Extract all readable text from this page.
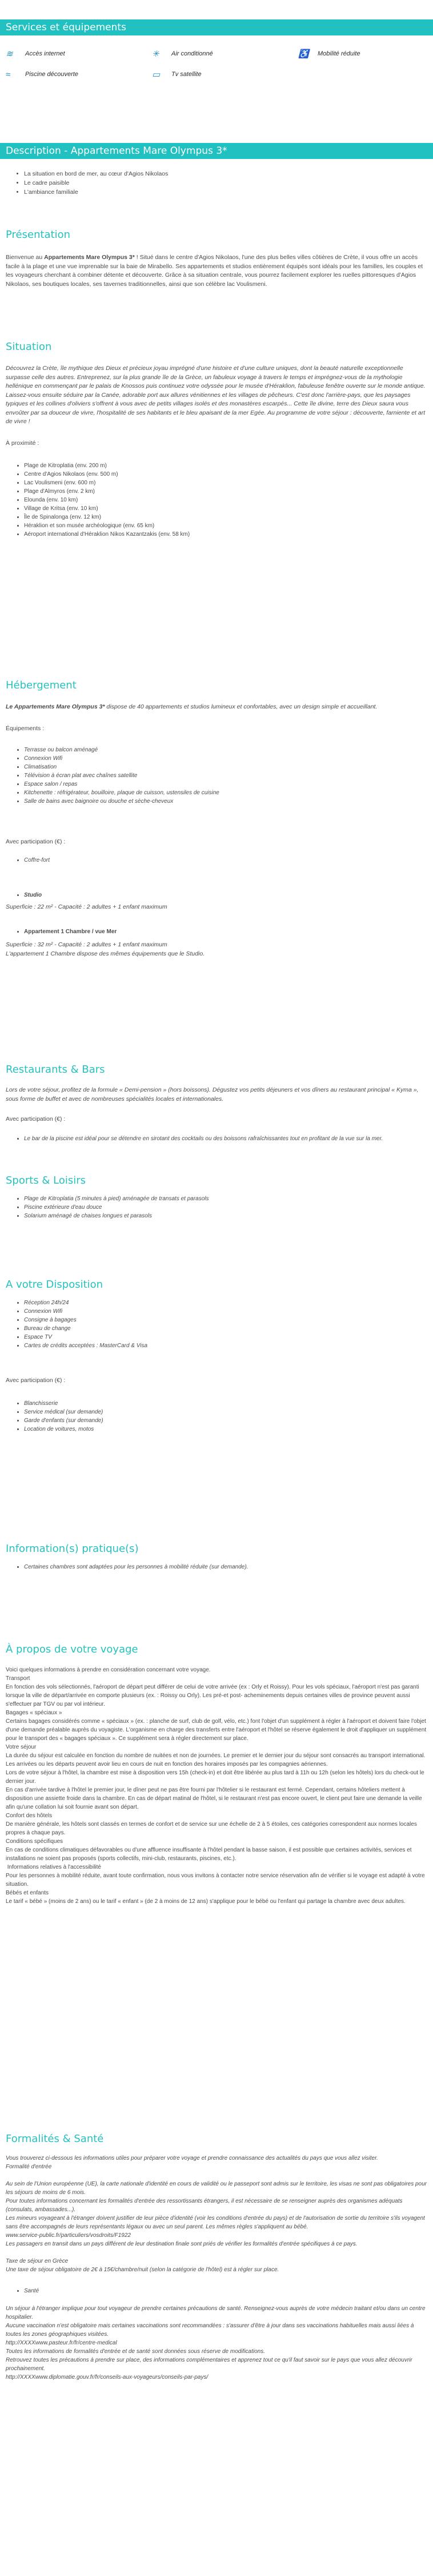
Services et équipements
≋	Accès internet	✳	Air conditionné	♿	Mobilité réduite
≈	Piscine découverte	▭	Tv satellite
Description - Appartements Mare Olympus 3*
• La situation en bord de mer, au cœur d'Agios Nikolaos
• Le cadre paisible
• L'ambiance familiale
Présentation

Bienvenue au Appartements Mare Olympus 3* ! Situé dans le centre d'Agios Nikolaos, l'une des plus belles villes côtières de Crète, il vous offre un accès facile à la plage et une vue imprenable sur la baie de Mirabello. Ses appartements et studios entièrement équipés sont idéals pour les familles, les couples et les voyageurs cherchant à combiner détente et découverte. Grâce à sa situation centrale, vous pourrez facilement explorer les ruelles pittoresques d'Agios Nikolaos, ses boutiques locales, ses tavernes traditionnelles, ainsi que son célèbre lac Voulismeni.

Situation

Découvrez la Crète, île mythique des Dieux et précieux joyau imprégné d'une histoire et d'une culture uniques, dont la beauté naturelle exceptionnelle surpasse celle des autres. Entreprenez, sur la plus grande île de la Grèce, un fabuleux voyage à travers le temps et imprégnez-vous de la mythologie hellénique en commençant par le palais de Knossos puis continuez votre odyssée pour le musée d'Héraklion, fabuleuse fenêtre ouverte sur le monde antique. Laissez-vous ensuite séduire par la Canée, adorable port aux allures vénitiennes et les villages de pêcheurs. C'est donc l'arrière-pays, que les paysages typiques et les collines d'oliviers s'offrent à vous avec de petits villages isolés et des monastères escarpés... Cette île divine, terre des Dieux saura vous envoûter par sa douceur de vivre, l'hospitalité de ses habitants et le bleu apaisant de la mer Egée. Au programme de votre séjour : découverte, farniente et art de vivre !

À proximité :

• Plage de Kitroplatia (env. 200 m)
• Centre d'Agios Nikolaos (env. 500 m)
• Lac Voulismeni (env. 600 m)
• Plage d'Almyros (env. 2 km)
• Elounda (env. 10 km)
• Village de Kritsa (env. 10 km)
• Île de Spinalonga (env. 12 km)
• Héraklion et son musée archéologique (env. 65 km)
• Aéroport international d'Héraklion Nikos Kazantzakis (env. 58 km)
Hébergement

Le Appartements Mare Olympus 3* dispose de 40 appartements et studios lumineux et confortables, avec un design simple et accueillant.

Équipements :

• Terrasse ou balcon aménagé
• Connexion Wifi
• Climatisation
• Télévision à écran plat avec chaînes satellite
• Espace salon / repas
• Kitchenette : réfrigérateur, bouilloire, plaque de cuisson, ustensiles de cuisine
• Salle de bains avec baignoire ou douche et sèche-cheveux

Avec participation (€) :

• Coffre-fort
• Studio

Superficie : 22 m² - Capacité : 2 adultes + 1 enfant maximum

• Appartement 1 Chambre / vue Mer

Superficie : 32 m² - Capacité : 2 adultes + 1 enfant maximum

L'appartement 1 Chambre dispose des mêmes équipements que le Studio.

Restaurants & Bars

Lors de votre séjour, profitez de la formule « Demi-pension » (hors boissons). Dégustez vos petits déjeuners et vos dîners au restaurant principal « Kyma », sous forme de buffet et avec de nombreuses spécialités locales et internationales.

Avec participation (€) :

• Le bar de la piscine est idéal pour se détendre en sirotant des cocktails ou des boissons rafraîchissantes tout en profitant de la vue sur la mer.
Sports & Loisirs
• Plage de Kitroplatia (5 minutes à pied) aménagée de transats et parasols
• Piscine extérieure d'eau douce
• Solarium aménagé de chaises longues et parasols
A votre Disposition
• Réception 24h/24
• Connexion Wifi
• Consigne à bagages
• Bureau de change
• Espace TV
• Cartes de crédits acceptées : MasterCard & Visa

Avec participation (€) :

• Blanchisserie
• Service médical (sur demande)
• Garde d'enfants (sur demande)
• Location de voitures, motos
Information(s) pratique(s)
• Certaines chambres sont adaptées pour les personnes à mobilité réduite (sur demande).
À propos de votre voyage

Voici quelques informations à prendre en considération concernant votre voyage.
Transport
En fonction des vols sélectionnés, l'aéroport de départ peut différer de celui de votre arrivée (ex : Orly et Roissy). Pour les vols spéciaux, l'aéroport n'est pas garanti lorsque la ville de départ/arrivée en comporte plusieurs (ex. : Roissy ou Orly). Les pré-et post- acheminements depuis certaines villes de province peuvent aussi s'effectuer par TGV ou par vol intérieur.
Bagages « spéciaux »
Certains bagages considérés comme « spéciaux » (ex. : planche de surf, club de golf, vélo, etc.) font l'objet d'un supplément à régler à l'aéroport et doivent faire l'objet d'une demande préalable auprès du voyagiste. L'organisme en charge des transferts entre l'aéroport et l'hôtel se réserve également le droit d'appliquer un supplément pour le transport des « bagages spéciaux ». Ce supplément sera à régler directement sur place.
Votre séjour
La durée du séjour est calculée en fonction du nombre de nuitées et non de journées. Le premier et le dernier jour du séjour sont consacrés au transport international.
Les arrivées ou les départs peuvent avoir lieu en cours de nuit en fonction des horaires imposés par les compagnies aériennes.
Lors de votre séjour à l'hôtel, la chambre est mise à disposition vers 15h (check-in) et doit être libérée au plus tard à 11h ou 12h (selon les hôtels) lors du check-out le dernier jour.
En cas d'arrivée tardive à l'hôtel le premier jour, le dîner peut ne pas être fourni par l'hôtelier si le restaurant est fermé. Cependant, certains hôteliers mettent à disposition une assiette froide dans la chambre. En cas de départ matinal de l'hôtel, si le restaurant n'est pas encore ouvert, le client peut faire une demande la veille afin qu'une collation lui soit fournie avant son départ.
Confort des hôtels
De manière générale, les hôtels sont classés en termes de confort et de service sur une échelle de 2 à 5 étoiles, ces catégories correspondent aux normes locales propres à chaque pays.
Conditions spécifiques
En cas de conditions climatiques défavorables ou d'une affluence insuffisante à l'hôtel pendant la basse saison, il est possible que certaines activités, services et installations ne soient pas proposés (sports collectifs, mini-club, restaurants, piscines, etc.).
Informations relatives à l'accessibilité
Pour les personnes à mobilité réduite, avant toute confirmation, nous vous invitons à contacter notre service réservation afin de vérifier si le voyage est adapté à votre situation.
Bébés et enfants
Le tarif « bébé » (moins de 2 ans) ou le tarif « enfant » (de 2 à moins de 12 ans) s'applique pour le bébé ou l'enfant qui partage la chambre avec deux adultes.

Formalités & Santé

Vous trouverez ci-dessous les informations utiles pour préparer votre voyage et prendre connaissance des actualités du pays que vous allez visiter.
Formalité d'entrée

Au sein de l'Union européenne (UE), la carte nationale d'identité en cours de validité ou le passeport sont admis sur le territoire, les visas ne sont pas obligatoires pour les séjours de moins de 6 mois.
Pour toutes informations concernant les formalités d'entrée des ressortissants étrangers, il est nécessaire de se renseigner auprès des organismes adéquats (consulats, ambassades...).
Les mineurs voyageant à l'étranger doivent justifier de leur pièce d'identité (voir les conditions d'entrée du pays) et de l'autorisation de sortie du territoire s'ils voyagent sans être accompagnés de leurs représentants légaux ou avec un seul parent. Les mêmes règles s'appliquent au bébé.
www.service-public.fr/particuliers/vosdroits/F1922
Les passagers en transit dans un pays différent de leur destination finale sont priés de vérifier les formalités d'entrée spécifiques à ce pays.

Taxe de séjour en Grèce
Une taxe de séjour obligatoire de 2€ à 15€/chambre/nuit (selon la catégorie de l'hôtel) est à régler sur place.

• Santé

Un séjour à l'étranger implique pour tout voyageur de prendre certaines précautions de santé. Renseignez-vous auprès de votre médecin traitant et/ou dans un centre hospitalier.
Aucune vaccination n'est obligatoire mais certaines vaccinations sont recommandées : s'assurer d'être à jour dans ses vaccinations habituelles mais aussi liées à toutes les zones géographiques visitées.
http://XXXXwww.pasteur.fr/fr/centre-medical
Toutes les informations de formalités d'entrée et de santé sont données sous réserve de modifications.
Retrouvez toutes les précautions à prendre sur place, des informations complémentaires et apprenez tout ce qu'il faut savoir sur le pays que vous allez découvrir prochainement.
http://XXXXwww.diplomatie.gouv.fr/fr/conseils-aux-voyageurs/conseils-par-pays/
